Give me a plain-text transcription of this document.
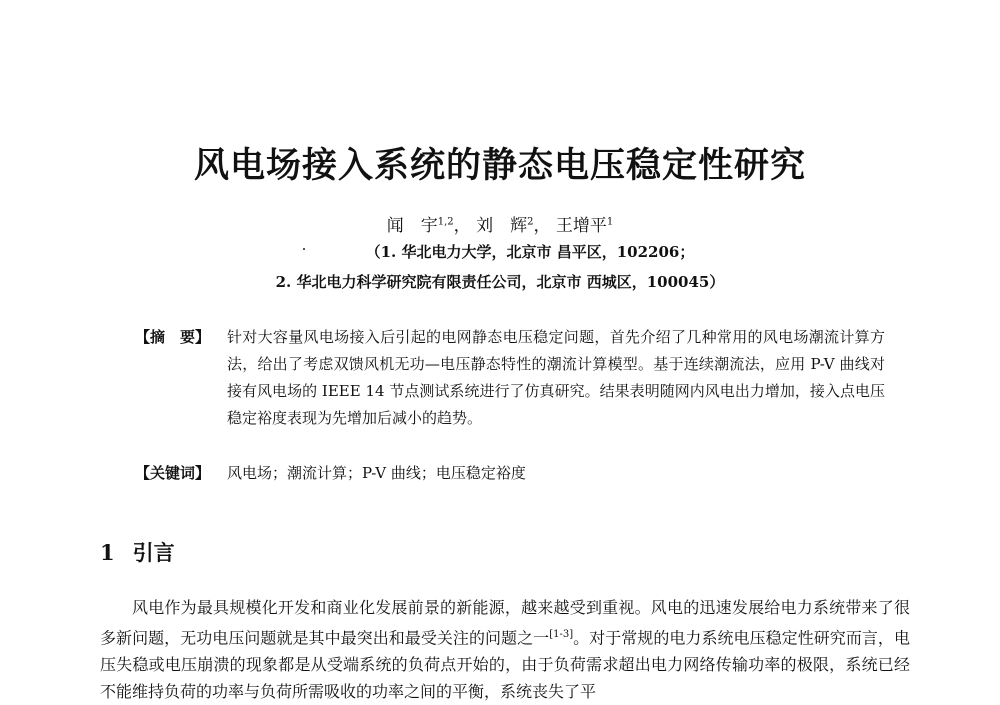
风电场接入系统的静态电压稳定性研究
闻　宇$^{1,2}$， 刘　辉$^2$， 王增平$^1$
（1. 华北电力大学，北京市 昌平区，102206；
2. 华北电力科学研究院有限责任公司，北京市 西城区，100045）
【摘　要】	针对大容量风电场接入后引起的电网静态电压稳定问题，首先介绍了几种常用的风电场潮流计算方法，给出了考虑双馈风机无功—电压静态特性的潮流计算模型。基于连续潮流法，应用 P-V 曲线对接有风电场的 IEEE 14 节点测试系统进行了仿真研究。结果表明随网内风电出力增加，接入点电压稳定裕度表现为先增加后减小的趋势。
【关键词】	风电场；潮流计算；P-V 曲线；电压稳定裕度
1 引言
风电作为最具规模化开发和商业化发展前景的新能源，越来越受到重视。风电的迅速发展给电力系统带来了很多新问题，无功电压问题就是其中最突出和最受关注的问题之一[1-3]。对于常规的电力系统电压稳定性研究而言，电压失稳或电压崩溃的现象都是从受端系统的负荷点开始的，由于负荷需求超出电力网络传输功率的极限，系统已经不能维持负荷的功率与负荷所需吸收的功率之间的平衡，系统丧失了平
